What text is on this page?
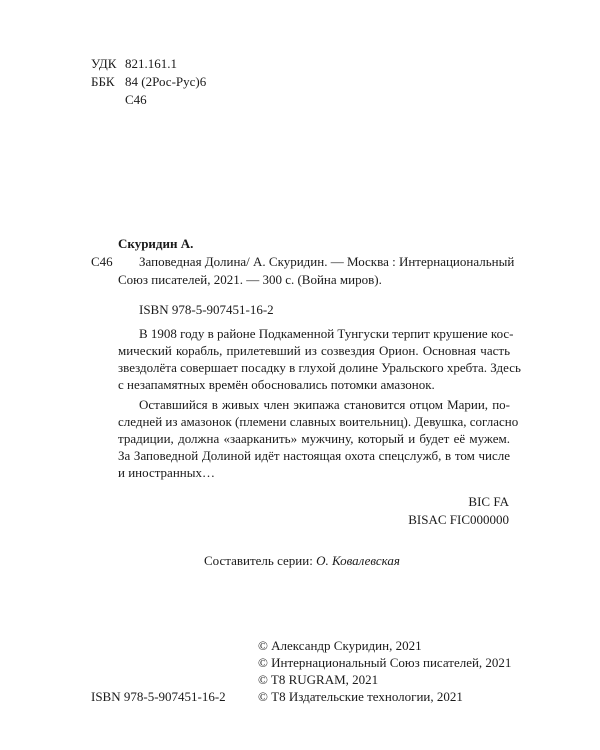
УДК 821.161.1
ББК 84 (2Рос-Рус)6
С46
Скуридин А.
С46 Заповедная Долина/ А. Скуридин. — Москва : Интернациональный
Союз писателей, 2021. — 300 с. (Война миров).
ISBN 978-5-907451-16-2
В 1908 году в районе Подкаменной Тунгуски терпит крушение кос-
мический корабль, прилетевший из созвездия Орион. Основная часть
звездолёта совершает посадку в глухой долине Уральского хребта. Здесь
с незапамятных времён обосновались потомки амазонок.
Оставшийся в живых член экипажа становится отцом Марии, по-
следней из амазонок (племени славных воительниц). Девушка, согласно
традиции, должна «заарканить» мужчину, который и будет её мужем.
За Заповедной Долиной идёт настоящая охота спецслужб, в том числе
и иностранных…
BIC FA
BISAC FIC000000
Составитель серии: О. Ковалевская
© Александр Скуридин, 2021
© Интернациональный Союз писателей, 2021
© T8 RUGRAM, 2021
© Т8 Издательские технологии, 2021
ISBN 978-5-907451-16-2
